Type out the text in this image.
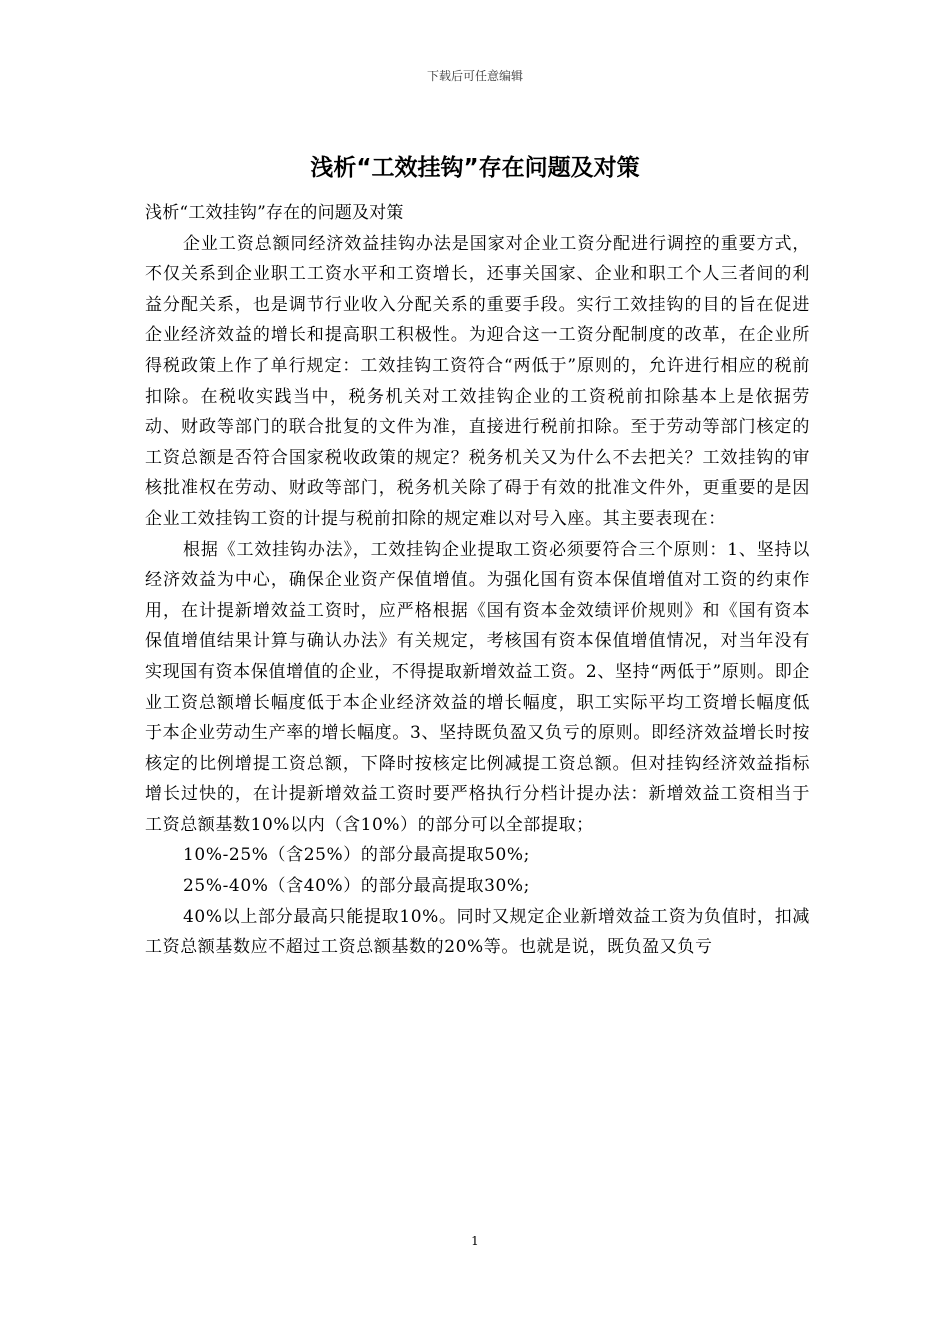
下载后可任意编辑
浅析“工效挂钩”存在问题及对策

浅析“工效挂钩”存在的问题及对策

企业工资总额同经济效益挂钩办法是国家对企业工资分配进行调控的重要方式，不仅关系到企业职工工资水平和工资增长，还事关国家、企业和职工个人三者间的利益分配关系，也是调节行业收入分配关系的重要手段。实行工效挂钩的目的旨在促进企业经济效益的增长和提高职工积极性。为迎合这一工资分配制度的改革，在企业所得税政策上作了单行规定：工效挂钩工资符合“两低于”原则的，允许进行相应的税前扣除。在税收实践当中，税务机关对工效挂钩企业的工资税前扣除基本上是依据劳动、财政等部门的联合批复的文件为准，直接进行税前扣除。至于劳动等部门核定的工资总额是否符合国家税收政策的规定？税务机关又为什么不去把关？工效挂钩的审核批准权在劳动、财政等部门，税务机关除了碍于有效的批准文件外，更重要的是因企业工效挂钩工资的计提与税前扣除的规定难以对号入座。其主要表现在：

根据《工效挂钩办法》，工效挂钩企业提取工资必须要符合三个原则：1、坚持以经济效益为中心，确保企业资产保值增值。为强化国有资本保值增值对工资的约束作用，在计提新增效益工资时，应严格根据《国有资本金效绩评价规则》和《国有资本保值增值结果计算与确认办法》有关规定，考核国有资本保值增值情况，对当年没有实现国有资本保值增值的企业，不得提取新增效益工资。2、坚持“两低于”原则。即企业工资总额增长幅度低于本企业经济效益的增长幅度，职工实际平均工资增长幅度低于本企业劳动生产率的增长幅度。3、坚持既负盈又负亏的原则。即经济效益增长时按核定的比例增提工资总额，下降时按核定比例减提工资总额。但对挂钩经济效益指标增长过快的，在计提新增效益工资时要严格执行分档计提办法：新增效益工资相当于工资总额基数10%以内（含10%）的部分可以全部提取；

10%-25%（含25%）的部分最高提取50%;

25%-40%（含40%）的部分最高提取30%;

40%以上部分最高只能提取10%。同时又规定企业新增效益工资为负值时，扣减工资总额基数应不超过工资总额基数的20%等。也就是说，既负盈又负亏

1
